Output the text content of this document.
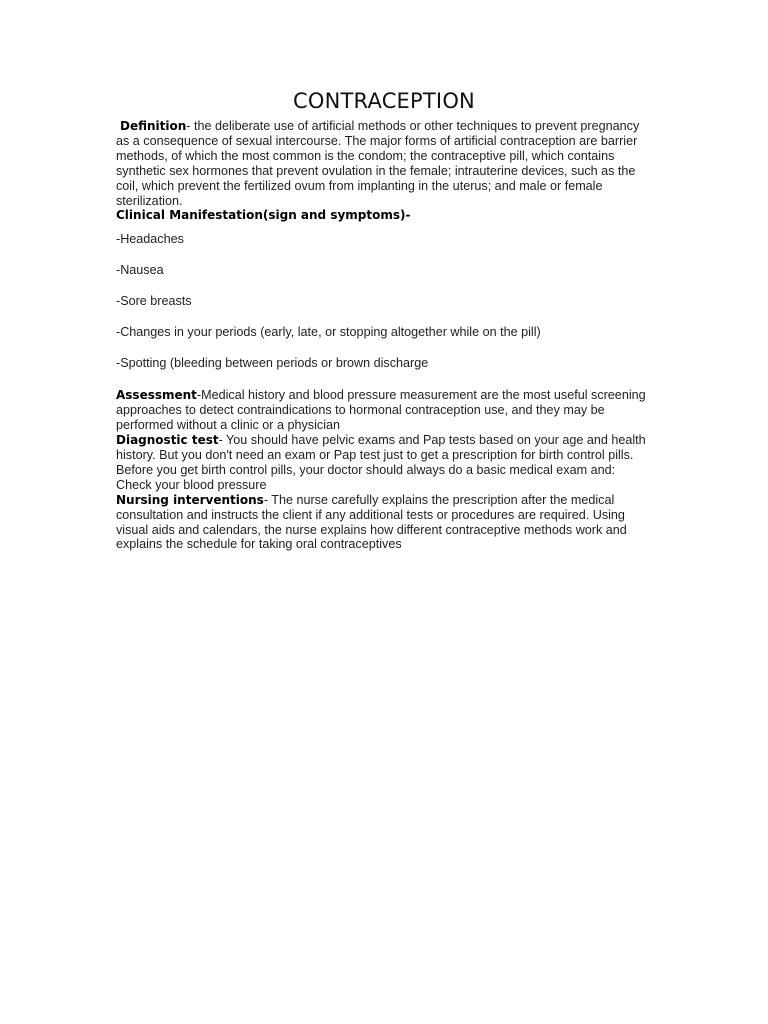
CONTRACEPTION

Definition- the deliberate use of artificial methods or other techniques to prevent pregnancy as a consequence of sexual intercourse. The major forms of artificial contraception are barrier methods, of which the most common is the condom; the contraceptive pill, which contains synthetic sex hormones that prevent ovulation in the female; intrauterine devices, such as the coil, which prevent the fertilized ovum from implanting in the uterus; and male or female sterilization.

Clinical Manifestation(sign and symptoms)-

-Headaches
-Nausea
-Sore breasts
-Changes in your periods (early, late, or stopping altogether while on the pill)
-Spotting (bleeding between periods or brown discharge

Assessment-Medical history and blood pressure measurement are the most useful screening approaches to detect contraindications to hormonal contraception use, and they may be performed without a clinic or a physician

Diagnostic test- You should have pelvic exams and Pap tests based on your age and health history. But you don't need an exam or Pap test just to get a prescription for birth control pills. Before you get birth control pills, your doctor should always do a basic medical exam and: Check your blood pressure

Nursing interventions- The nurse carefully explains the prescription after the medical consultation and instructs the client if any additional tests or procedures are required. Using visual aids and calendars, the nurse explains how different contraceptive methods work and explains the schedule for taking oral contraceptives
